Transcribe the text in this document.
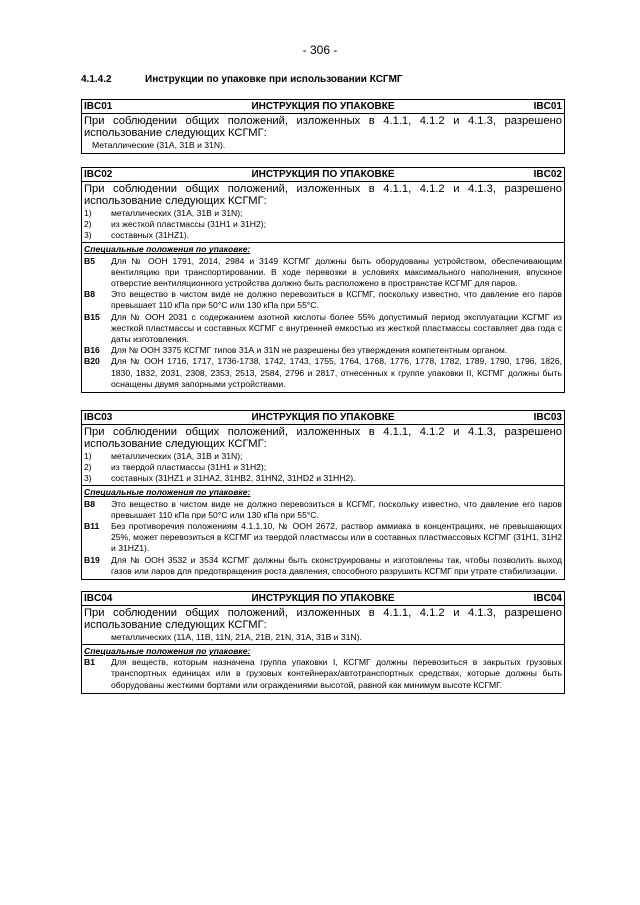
- 306 -
4.1.4.2	Инструкции по упаковке при использовании КСГМГ
IBC01	ИНСТРУКЦИЯ ПО УПАКОВКЕ	IBC01

При соблюдении общих положений, изложенных в 4.1.1, 4.1.2 и 4.1.3, разрешено использование следующих КСГМГ:

Металлические (31A, 31B и 31N).
IBC02	ИНСТРУКЦИЯ ПО УПАКОВКЕ	IBC02

При соблюдении общих положений, изложенных в 4.1.1, 4.1.2 и 4.1.3, разрешено использование следующих КСГМГ:

1)	металлических (31A, 31B и 31N);
2)	из жесткой пластмассы (31H1 и 31H2);
3)	составных (31HZ1).
Специальные положения по упаковке:
B5	Для № ООН 1791, 2014, 2984 и 3149 КСГМГ должны быть оборудованы устройством, обеспечивающим вентиляцию при транспортировании. В ходе перевозки в условиях максимального наполнения, впускное отверстие вентиляционного устройства должно быть расположено в пространстве КСГМГ для паров.
B8	Это вещество в чистом виде не должно перевозиться в КСГМГ, поскольку известно, что давление его паров превышает 110 кПа при 50°С или 130 кПа при 55°С.
B15	Для № ООН 2031 с содержанием азотной кислоты более 55% допустимый период эксплуатации КСГМГ из жесткой пластмассы и составных КСГМГ с внутренней емкостью из жесткой пластмассы составляет два года с даты изготовления.
B16	Для № ООН 3375 КСГМГ типов 31А и 31N не разрешены без утверждения компетентным органом.
B20	Для № ООН 1716, 1717, 1736-1738, 1742, 1743, 1755, 1764, 1768, 1776, 1778, 1782, 1789, 1790, 1796, 1826, 1830, 1832, 2031, 2308, 2353, 2513, 2584, 2796 и 2817, отнесенных к группе упаковки II, КСГМГ должны быть оснащены двумя запорными устройствами.
IBC03	ИНСТРУКЦИЯ ПО УПАКОВКЕ	IBC03

При соблюдении общих положений, изложенных в 4.1.1, 4.1.2 и 4.1.3, разрешено использование следующих КСГМГ:

1)	металлических (31A, 31B и 31N);
2)	из твердой пластмассы (31H1 и 31H2);
3)	составных (31HZ1 и 31HA2, 31HB2, 31HN2, 31HD2 и 31HH2).
Специальные положения по упаковке:
B8	Это вещество в чистом виде не должно перевозиться в КСГМГ, поскольку известно, что давление его паров превышает 110 кПа при 50°С или 130 кПа при 55°С.
B11	Без противоречия положениям 4.1.1.10, № ООН 2672, раствор аммиака в концентрациях, не превышающих 25%, может перевозиться в КСГМГ из твердой пластмассы или в составных пластмассовых КСГМГ (31H1, 31H2 и 31HZ1).
B19	Для № ООН 3532 и 3534 КСГМГ должны быть сконструированы и изготовлены так, чтобы позволить выход газов или паров для предотвращения роста давления, способного разрушить КСГМГ при утрате стабилизации.
IBC04	ИНСТРУКЦИЯ ПО УПАКОВКЕ	IBC04

При соблюдении общих положений, изложенных в 4.1.1, 4.1.2 и 4.1.3, разрешено использование следующих КСГМГ:

металлических (11A, 11B, 11N, 21A, 21B, 21N, 31A, 31B и 31N).
Специальные положения по упаковке:
B1	Для веществ, которым назначена группа упаковки I, КСГМГ должны перевозиться в закрытых грузовых транспортных единицах или в грузовых контейнерах/автотранспортных средствах, которые должны быть оборудованы жесткими бортами или ограждениями высотой, равной как минимум высоте КСГМГ.
